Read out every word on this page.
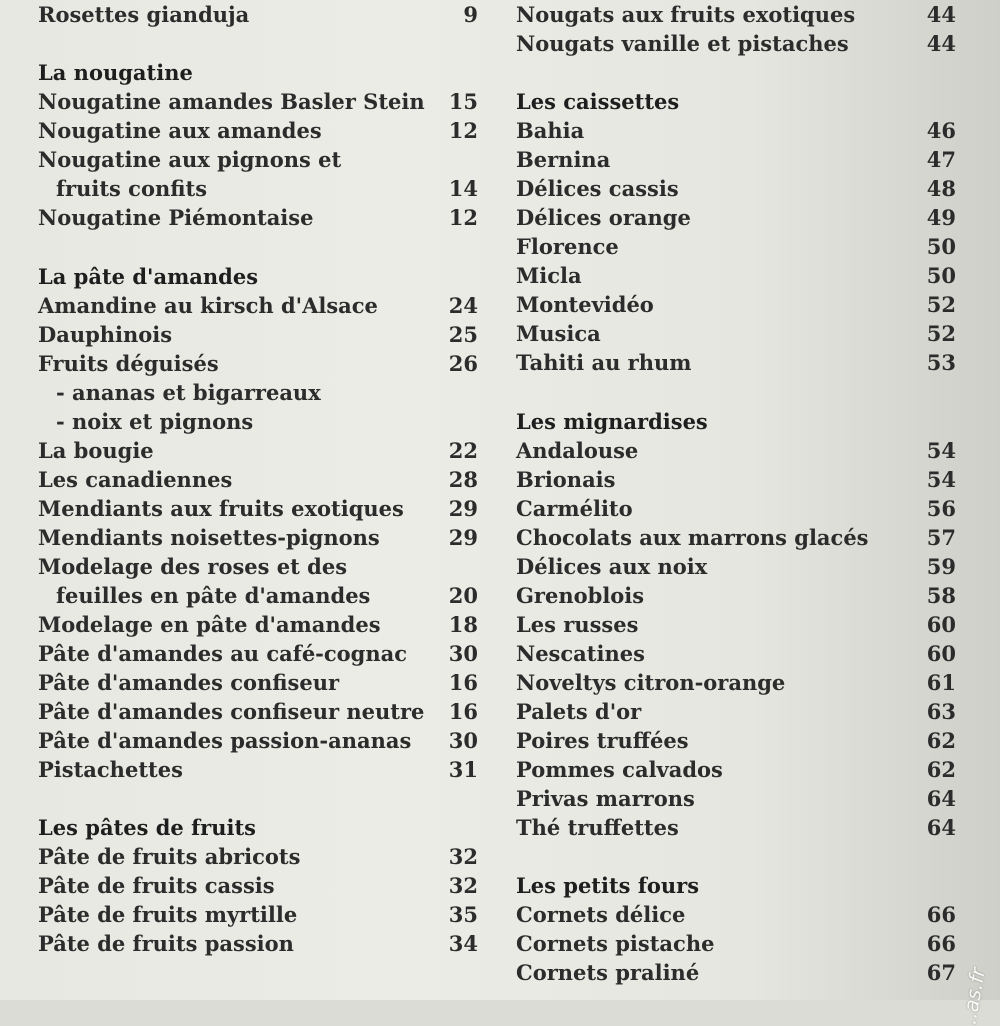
Rosettes gianduja	9
La nougatine
Nougatine amandes Basler Stein 15
Nougatine aux amandes	12
Nougatine aux pignons et
fruits confits	14
Nougatine Piémontaise	12
La pâte d'amandes
Amandine au kirsch d'Alsace	24
Dauphinois	25
Fruits déguisés	26
- ananas et bigarreaux
- noix et pignons
La bougie	22
Les canadiennes	28
Mendiants aux fruits exotiques 29
Mendiants noisettes-pignons	29
Modelage des roses et des
feuilles en pâte d'amandes	20
Modelage en pâte d'amandes	18
Pâte d'amandes au café-cognac 30
Pâte d'amandes confiseur	16
Pâte d'amandes confiseur neutre 16
Pâte d'amandes passion-ananas 30
Pistachettes	31
Les pâtes de fruits
Pâte de fruits abricots	32
Pâte de fruits cassis	32
Pâte de fruits myrtille	35
Pâte de fruits passion	34
Nougats aux fruits exotiques	44
Nougats vanille et pistaches	44
Les caissettes
Bahia	46
Bernina	47
Délices cassis	48
Délices orange	49
Florence	50
Micla	50
Montevidéo	52
Musica	52
Tahiti au rhum	53
Les mignardises
Andalouse	54
Brionais	54
Carmélito	56
Chocolats aux marrons glacés	57
Délices aux noix	59
Grenoblois	58
Les russes	60
Nescatines	60
Noveltys citron-orange	61
Palets d'or	63
Poires truffées	62
Pommes calvados	62
Privas marrons	64
Thé truffettes	64
Les petits fours
Cornets délice	66
Cornets pistache	66
Cornets praliné	67 ..as.fr
